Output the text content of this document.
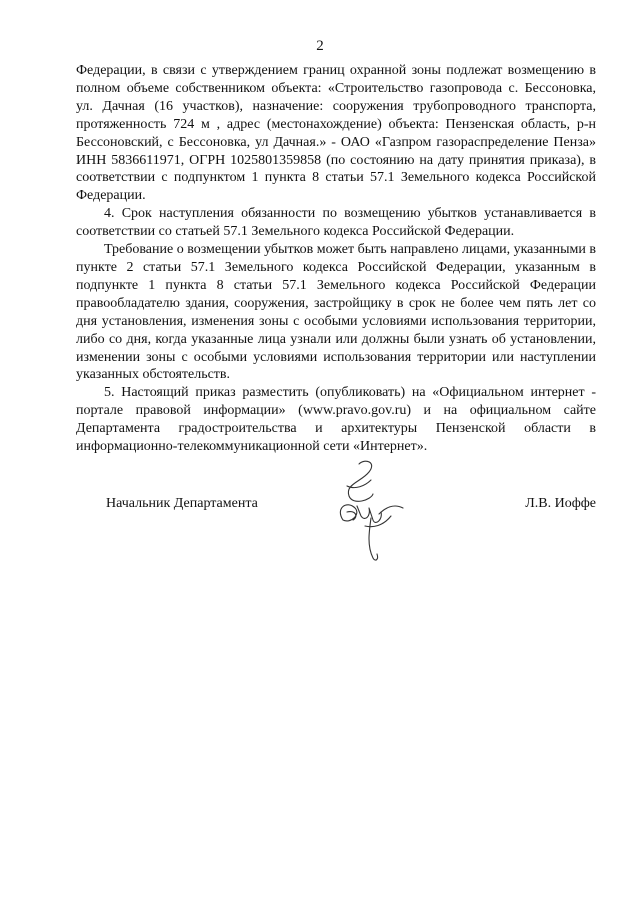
2

Федерации, в связи с утверждением границ охранной зоны подлежат возмещению в полном объеме собственником объекта: «Строительство газопровода с. Бессоновка, ул. Дачная (16 участков), назначение: сооружения трубопроводного транспорта, протяженность 724 м , адрес (местонахождение) объекта: Пензенская область, р-н Бессоновский, с Бессоновка, ул Дачная.» - ОАО «Газпром газораспределение Пенза» ИНН 5836611971, ОГРН 1025801359858 (по состоянию на дату принятия приказа), в соответствии с подпунктом 1 пункта 8 статьи 57.1 Земельного кодекса Российской Федерации.

4. Срок наступления обязанности по возмещению убытков устанавливается в соответствии со статьей 57.1 Земельного кодекса Российской Федерации.

Требование о возмещении убытков может быть направлено лицами, указанными в пункте 2 статьи 57.1 Земельного кодекса Российской Федерации, указанным в подпункте 1 пункта 8 статьи 57.1 Земельного кодекса Российской Федерации правообладателю здания, сооружения, застройщику в срок не более чем пять лет со дня установления, изменения зоны с особыми условиями использования территории, либо со дня, когда указанные лица узнали или должны были узнать об установлении, изменении зоны с особыми условиями использования территории или наступлении указанных обстоятельств.

5. Настоящий приказ разместить (опубликовать) на «Официальном интернет - портале правовой информации» (www.pravo.gov.ru) и на официальном сайте Департамента градостроительства и архитектуры Пензенской области в информационно-телекоммуникационной сети «Интернет».

Начальник Департамента	Л.В. Иоффе
